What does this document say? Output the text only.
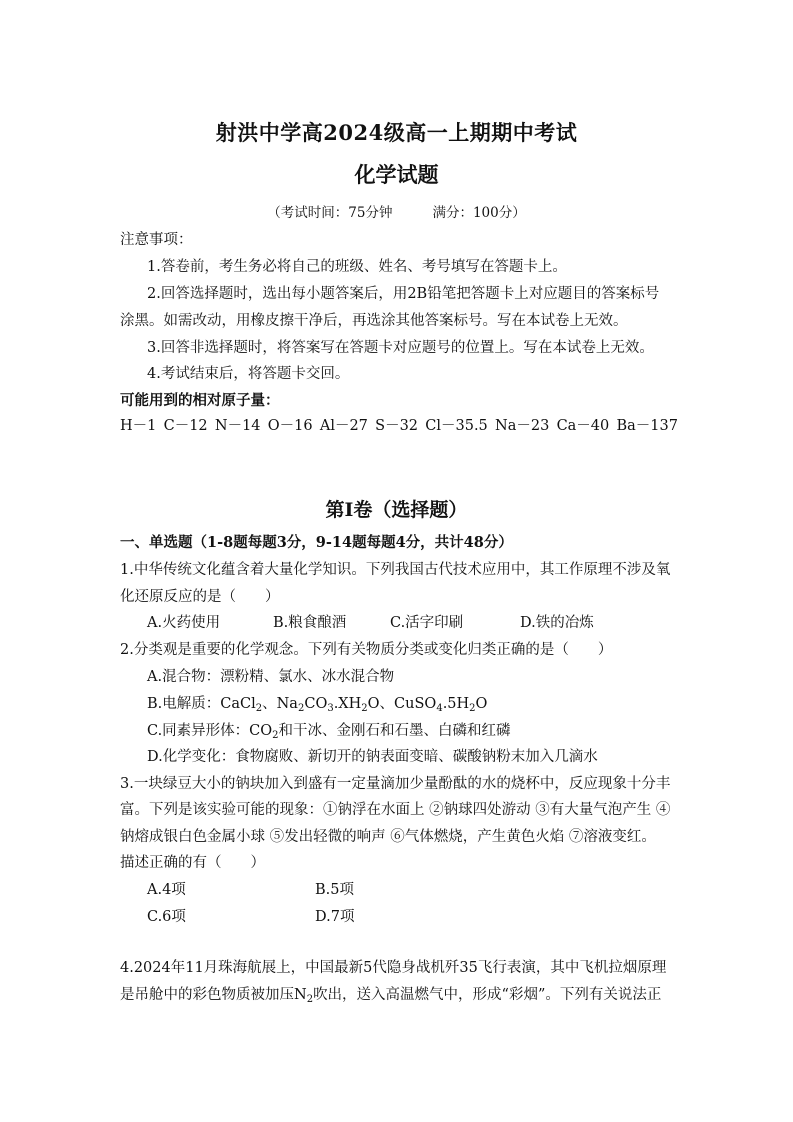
射洪中学高2024级高一上期期中考试
化学试题
（考试时间：75分钟	满分：100分）
注意事项：
1.答卷前，考生务必将自己的班级、姓名、考号填写在答题卡上。
2.回答选择题时，选出每小题答案后，用2B铅笔把答题卡上对应题目的答案标号
涂黑。如需改动，用橡皮擦干净后，再选涂其他答案标号。写在本试卷上无效。
3.回答非选择题时，将答案写在答题卡对应题号的位置上。写在本试卷上无效。
4.考试结束后，将答题卡交回。
可能用到的相对原子量：
H－1 C－12 N－14 O－16 Al－27 S－32 Cl－35.5 Na－23 Ca－40 Ba－137
第I卷（选择题）
一、单选题（1-8题每题3分，9-14题每题4分，共计48分）
1.中华传统文化蕴含着大量化学知识。下列我国古代技术应用中，其工作原理不涉及氧
化还原反应的是（　　）
A.火药使用	B.粮食酿酒	C.活字印刷	D.铁的冶炼
2.分类观是重要的化学观念。下列有关物质分类或变化归类正确的是（　　）
A.混合物：漂粉精、氯水、冰水混合物
B.电解质：CaCl$_2$、$Na_2CO_3.XH_2O$、$CuSO_4.5H_2O$
C.同素异形体：$CO_2$和干冰、金刚石和石墨、白磷和红磷
D.化学变化：食物腐败、新切开的钠表面变暗、碳酸钠粉末加入几滴水
3.一块绿豆大小的钠块加入到盛有一定量滴加少量酚酞的水的烧杯中，反应现象十分丰
富。下列是该实验可能的现象：①钠浮在水面上 ②钠球四处游动 ③有大量气泡产生 ④
钠熔成银白色金属小球 ⑤发出轻微的响声 ⑥气体燃烧，产生黄色火焰 ⑦溶液变红。
描述正确的有（　　）
A.4项	B.5项
C.6项	D.7项
4.2024年11月珠海航展上，中国最新5代隐身战机歼35飞行表演，其中飞机拉烟原理
是吊舱中的彩色物质被加压$N_2$吹出，送入高温燃气中，形成“彩烟”。下列有关说法正
